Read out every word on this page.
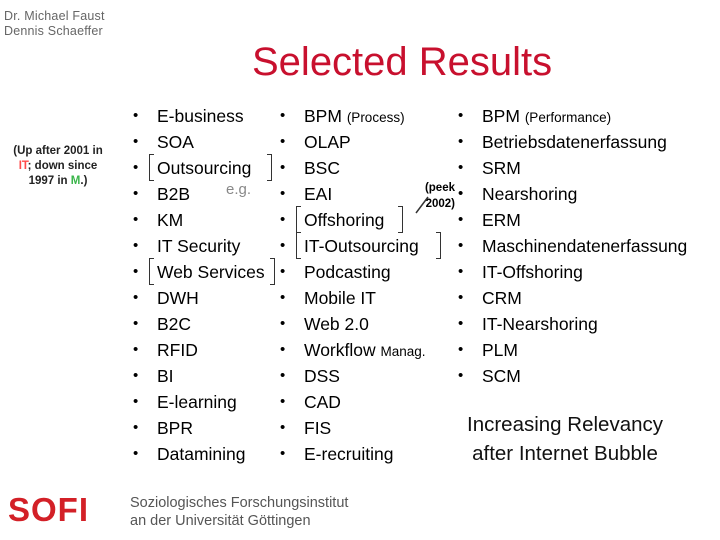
Dr. Michael Faust
Dennis Schaeffer
Selected Results
(Up after 2001 in
IT; down since
1997 in M.)
• E-business
• SOA
• Outsourcing
• B2B
• KM
• IT Security
• Web Services
• DWH
• B2C
• RFID
• BI
• E-learning
• BPR
• Datamining
• BPM (Process)
• OLAP
• BSC
• EAI
• Offshoring
• IT-Outsourcing
• Podcasting
• Mobile IT
• Web 2.0
• Workflow Manag.
• DSS
• CAD
• FIS
• E-recruiting
• BPM (Performance)
• Betriebsdatenerfassung
• SRM
• Nearshoring
• ERM
• Maschinendatenerfassung
• IT-Offshoring
• CRM
• IT-Nearshoring
• PLM
• SCM
e.g.	(peek
2002)
Increasing Relevancy
after Internet Bubble
SOFI	Soziologisches Forschungsinstitut
an der Universität Göttingen
